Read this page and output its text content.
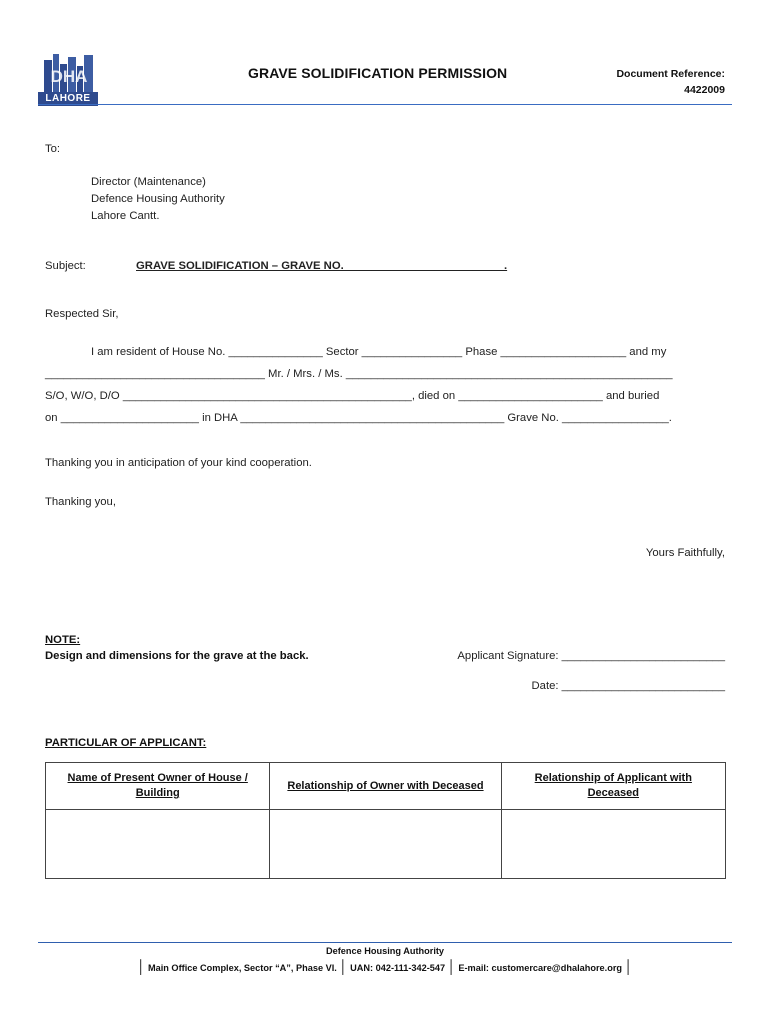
DHA
LAHORE
GRAVE SOLIDIFICATION PERMISSION	Document Reference:
4422009
To:
Director (Maintenance)
Defence Housing Authority
Lahore Cantt.
Subject:	GRAVE SOLIDIFICATION – GRAVE NO. _________________________.
Respected Sir,
I am resident of House No. _______________ Sector ________________ Phase ____________________ and my
___________________________________ Mr. / Mrs. / Ms. ____________________________________________________
S/O, W/O, D/O ______________________________________________, died on _______________________ and buried
on ______________________ in DHA __________________________________________ Grave No. _________________.
Thanking you in anticipation of your kind cooperation.
Thanking you,
Yours Faithfully,
NOTE:
Design and dimensions for the grave at the back.	Applicant Signature: __________________________
Date: __________________________
PARTICULAR OF APPLICANT:
Name of Present Owner of House / Building	Relationship of Owner with Deceased	Relationship of Applicant with Deceased

Defence Housing Authority
│ Main Office Complex, Sector “A”, Phase VI. │ UAN: 042-111-342-547 │ E-mail: customercare@dhalahore.org │
